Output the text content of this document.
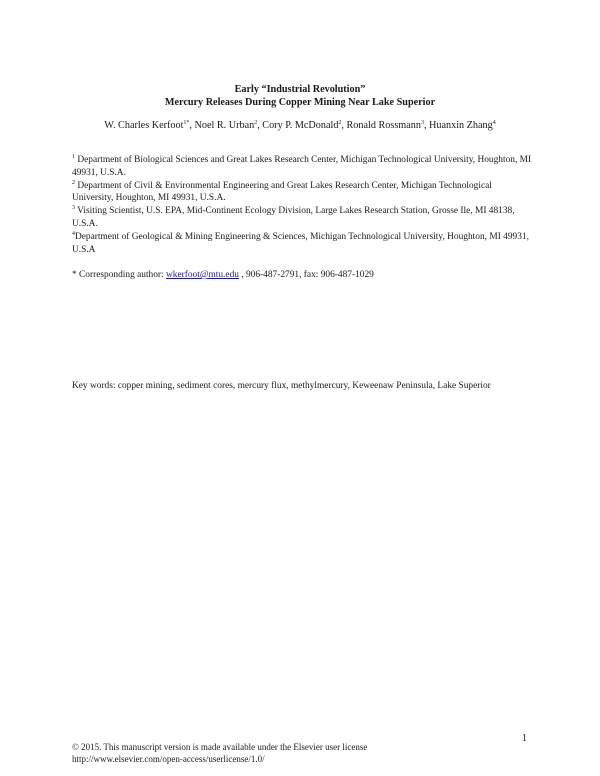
Early “Industrial Revolution”
Mercury Releases During Copper Mining Near Lake Superior
W. Charles Kerfoot$^{1*}$, Noel R. Urban$^2$, Cory P. McDonald$^2$, Ronald Rossmann$^3$, Huanxin Zhang$^4$
$^1$ Department of Biological Sciences and Great Lakes Research Center, Michigan Technological University, Houghton, MI 49931, U.S.A.
$^2$ Department of Civil & Environmental Engineering and Great Lakes Research Center, Michigan Technological University, Houghton, MI 49931, U.S.A.
$^3$ Visiting Scientist, U.S. EPA, Mid-Continent Ecology Division, Large Lakes Research Station, Grosse Ile, MI 48138, U.S.A.
$^4$Department of Geological & Mining Engineering & Sciences, Michigan Technological University, Houghton, MI 49931, U.S.A
* Corresponding author: wkerfoot@mtu.edu , 906-487-2791, fax: 906-487-1029
Key words: copper mining, sediment cores, mercury flux, methylmercury, Keweenaw Peninsula, Lake Superior
1
© 2015. This manuscript version is made available under the Elsevier user license
http://www.elsevier.com/open-access/userlicense/1.0/
